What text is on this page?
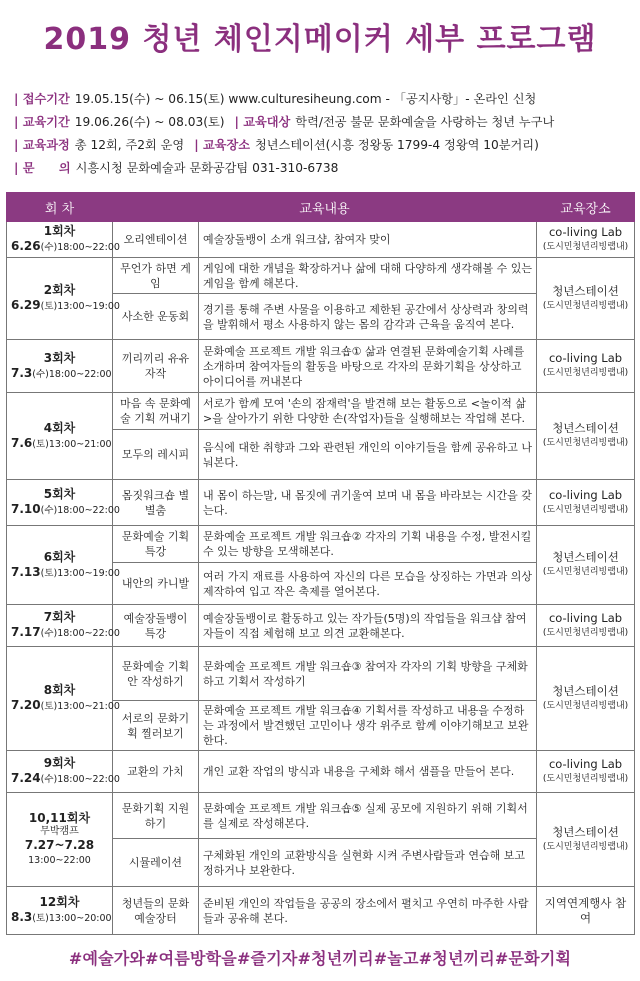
2019 청년 체인지메이커 세부 프로그램
| 접수기간 19.05.15(수) ~ 06.15(토) www.culturesiheung.com - 「공지사항」- 온라인 신청
| 교육기간 19.06.26(수) ~ 08.03(토) | 교육대상 학력/전공 불문 문화예술을 사랑하는 청년 누구나
| 교육과정 총 12회, 주2회 운영 | 교육장소 청년스테이션(시흥 정왕동 1799-4 정왕역 10분거리)
| 문　　의 시흥시청 문화예술과 문화공감팀 031-310-6738
회 차	교육내용		교육장소

1회차
6.26(수)18:00~22:00	오리엔테이션	예술장돌뱅이 소개 워크샵, 참여자 맞이	co-living Lab
(도시민청년리빙랩내)

2회차
6.29(토)13:00~19:00	무언가 하면 게임	게임에 대한 개념을 확장하거나 삶에 대해 다양하게 생각해볼 수 있는 게임을 함께 해본다.	청년스테이션
(도시민청년리빙랩내)

	사소한 운동회	경기를 통해 주변 사물을 이용하고 제한된 공간에서 상상력과 창의력을 발휘해서 평소 사용하지 않는 몸의 감각과 근육을 움직여 본다.	

3회차
7.3(수)18:00~22:00	끼리끼리 유유자작	문화예술 프로젝트 개발 워크숍① 삶과 연결된 문화예술기획 사례를 소개하며 참여자들의 활동을 바탕으로 각자의 문화기획을 상상하고 아이디어를 꺼내본다	co-living Lab
(도시민청년리빙랩내)

4회차
7.6(토)13:00~21:00	마음 속 문화예술 기획 꺼내기	서로가 함께 모여 '손의 잠재력'을 발견해 보는 활동으로 <놀이적 삶>을 살아가기 위한 다양한 손(작업자)들을 실행해보는 작업해 본다.	청년스테이션
(도시민청년리빙랩내)

	모두의 레시피	음식에 대한 취향과 그와 관련된 개인의 이야기들을 함께 공유하고 나눠본다.	

5회차
7.10(수)18:00~22:00	몸짓워크숍 별별춤	내 몸이 하는말, 내 몸짓에 귀기울여 보며 내 몸을 바라보는 시간을 갖는다.	co-living Lab
(도시민청년리빙랩내)

6회차
7.13(토)13:00~19:00	문화예술 기획특강	문화예술 프로젝트 개발 워크숍② 각자의 기획 내용을 수정, 발전시킬 수 있는 방향을 모색해본다.	청년스테이션
(도시민청년리빙랩내)

	내안의 카니발	여러 가지 재료를 사용하여 자신의 다른 모습을 상징하는 가면과 의상 제작하여 입고 작은 축제를 열어본다.	

7회차
7.17(수)18:00~22:00	예술장돌뱅이 특강	예술장돌뱅이로 활동하고 있는 작가들(5명)의 작업들을 워크샵 참여자들이 직접 체험해 보고 의견 교환해본다.	co-living Lab
(도시민청년리빙랩내)

8회차
7.20(토)13:00~21:00	문화예술 기획안 작성하기	문화예술 프로젝트 개발 워크숍③ 참여자 각자의 기획 방향을 구체화하고 기획서 작성하기	청년스테이션
(도시민청년리빙랩내)

	서로의 문화기획 찔러보기	문화예술 프로젝트 개발 워크숍④ 기획서를 작성하고 내용을 수정하는 과정에서 발견했던 고민이나 생각 위주로 함께 이야기해보고 보완한다.	

9회차
7.24(수)18:00~22:00	교환의 가치	개인 교환 작업의 방식과 내용을 구체화 해서 샘플을 만들어 본다.	co-living Lab
(도시민청년리빙랩내)

10,11회차
무박캠프
7.27~7.28
13:00~22:00	문화기획 지원하기	문화예술 프로젝트 개발 워크숍⑤ 실제 공모에 지원하기 위해 기획서를 실제로 작성해본다.	청년스테이션
(도시민청년리빙랩내)

	시뮬레이션	구체화된 개인의 교환방식을 실현화 시켜 주변사람들과 연습해 보고 정하거나 보완한다.	

12회차
8.3(토)13:00~20:00	청년들의 문화 예술장터	준비된 개인의 작업들을 공공의 장소에서 펼치고 우연히 마주한 사람들과 공유해 본다.	지역연계행사 참여
#예술가와#여름방학을#즐기자#청년끼리#놀고#청년끼리#문화기획
